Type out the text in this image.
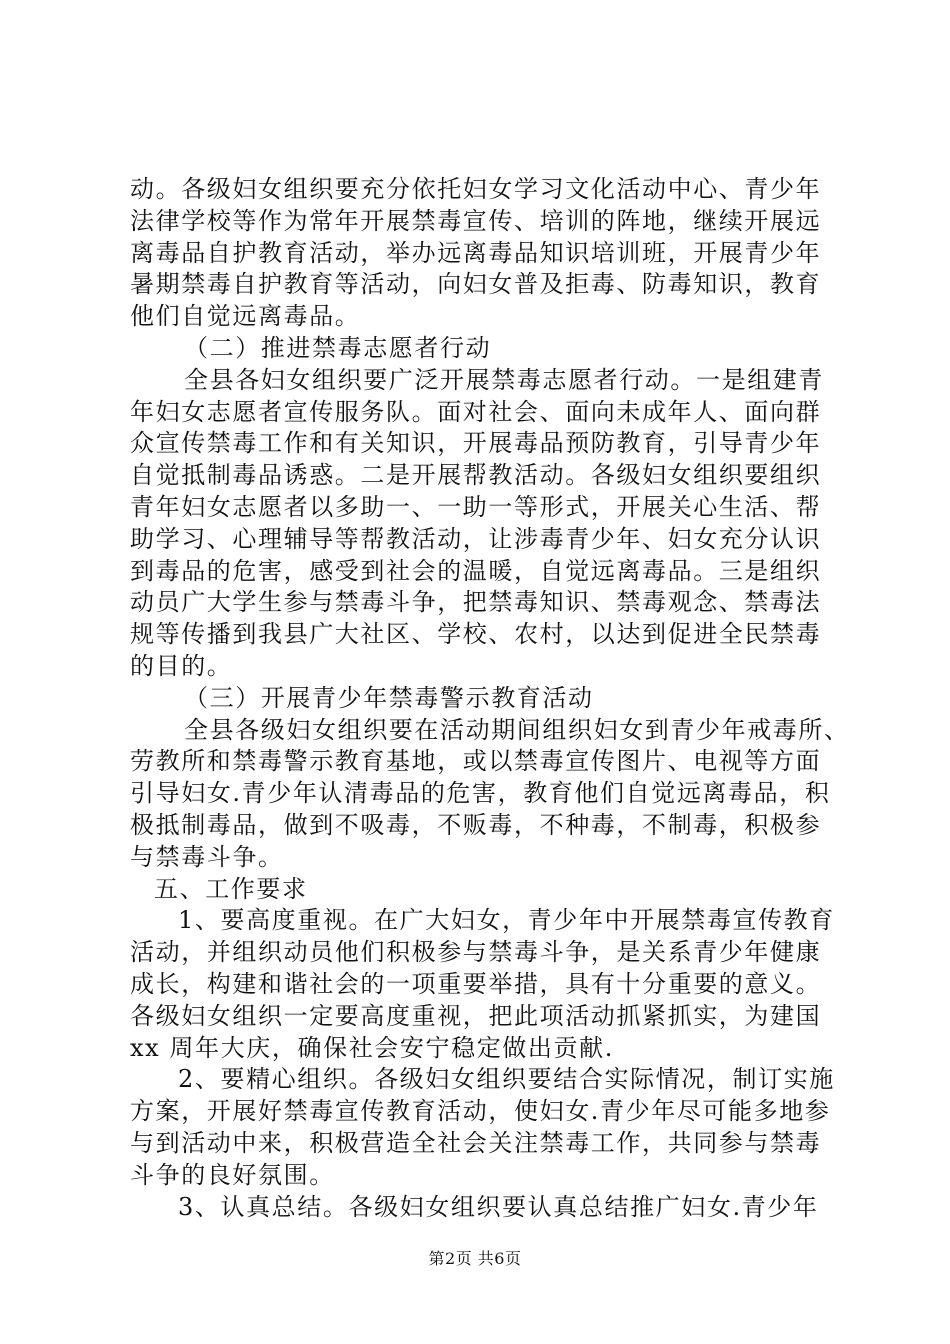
动。各级妇女组织要充分依托妇女学习文化活动中心、青少年
法律学校等作为常年开展禁毒宣传、培训的阵地，继续开展远
离毒品自护教育活动，举办远离毒品知识培训班，开展青少年
暑期禁毒自护教育等活动，向妇女普及拒毒、防毒知识，教育
他们自觉远离毒品。
（二）推进禁毒志愿者行动
全县各妇女组织要广泛开展禁毒志愿者行动。一是组建青
年妇女志愿者宣传服务队。面对社会、面向未成年人、面向群
众宣传禁毒工作和有关知识，开展毒品预防教育，引导青少年
自觉抵制毒品诱惑。二是开展帮教活动。各级妇女组织要组织
青年妇女志愿者以多助一、一助一等形式，开展关心生活、帮
助学习、心理辅导等帮教活动，让涉毒青少年、妇女充分认识
到毒品的危害，感受到社会的温暖，自觉远离毒品。三是组织
动员广大学生参与禁毒斗争，把禁毒知识、禁毒观念、禁毒法
规等传播到我县广大社区、学校、农村，以达到促进全民禁毒
的目的。
（三）开展青少年禁毒警示教育活动
全县各级妇女组织要在活动期间组织妇女到青少年戒毒所、
劳教所和禁毒警示教育基地，或以禁毒宣传图片、电视等方面
引导妇女.青少年认清毒品的危害，教育他们自觉远离毒品，积
极抵制毒品，做到不吸毒，不贩毒，不种毒，不制毒，积极参
与禁毒斗争。
五、工作要求
1、要高度重视。在广大妇女，青少年中开展禁毒宣传教育
活动，并组织动员他们积极参与禁毒斗争，是关系青少年健康
成长，构建和谐社会的一项重要举措，具有十分重要的意义。
各级妇女组织一定要高度重视，把此项活动抓紧抓实，为建国
xx 周年大庆，确保社会安宁稳定做出贡献.
2、要精心组织。各级妇女组织要结合实际情况，制订实施
方案，开展好禁毒宣传教育活动，使妇女.青少年尽可能多地参
与到活动中来，积极营造全社会关注禁毒工作，共同参与禁毒
斗争的良好氛围。
3、认真总结。各级妇女组织要认真总结推广妇女.青少年
第2页 共6页
